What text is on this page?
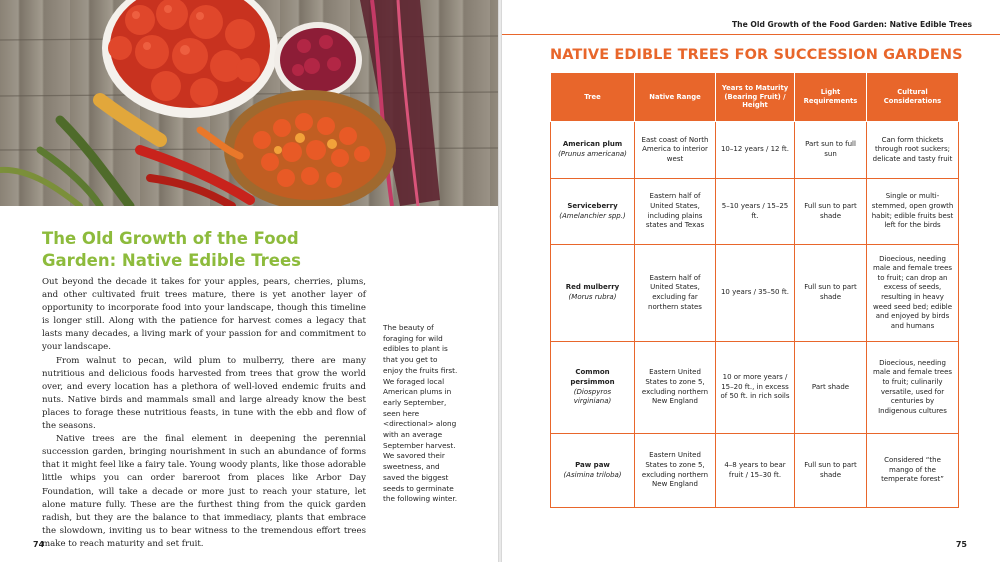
The Old Growth of the Food Garden: Native Edible Trees

Out beyond the decade it takes for your apples, pears, cherries, plums, and other cultivated fruit trees mature, there is yet another layer of opportunity to incorporate food into your landscape, though this timeline is longer still. Along with the patience for harvest comes a legacy that lasts many decades, a living mark of your passion for and commitment to your landscape.

From walnut to pecan, wild plum to mulberry, there are many nutritious and delicious foods harvested from trees that grow the world over, and every location has a plethora of well-loved endemic fruits and nuts. Native birds and mammals small and large already know the best places to forage these nutritious feasts, in tune with the ebb and flow of the seasons.

Native trees are the final element in deepening the perennial succession garden, bringing nourishment in such an abundance of forms that it might feel like a fairy tale. Young woody plants, like those adorable little whips you can order bareroot from places like Arbor Day Foundation, will take a decade or more just to reach your stature, let alone mature fully. These are the furthest thing from the quick garden radish, but they are the balance to that immediacy, plants that embrace the slowdown, inviting us to bear witness to the tremendous effort trees make to reach maturity and set fruit.

The beauty of foraging for wild edibles to plant is that you get to enjoy the fruits first. We foraged local American plums in early September, seen here <directional> along with an average September harvest. We savored their sweetness, and saved the biggest seeds to germinate the following winter.
74
The Old Growth of the Food Garden: Native Edible Trees
NATIVE EDIBLE TREES FOR SUCCESSION GARDENS
Tree	Native Range	Years to Maturity (Bearing Fruit) / Height	Light Requirements	Cultural Considerations

American plum
(Prunus americana)	East coast of North America to interior west	10–12 years / 12 ft.	Part sun to full sun	Can form thickets through root suckers; delicate and tasty fruit

Serviceberry
(Amelanchier spp.)	Eastern half of United States, including plains states and Texas	5–10 years / 15–25 ft.	Full sun to part shade	Single or multi-stemmed, open growth habit; edible fruits best left for the birds

Red mulberry
(Morus rubra)	Eastern half of United States, excluding far northern states	10 years / 35–50 ft.	Full sun to part shade	Dioecious, needing male and female trees to fruit; can drop an excess of seeds, resulting in heavy weed seed bed; edible and enjoyed by birds and humans

Common persimmon
(Diospyros virginiana)	Eastern United States to zone 5, excluding northern New England	10 or more years / 15–20 ft., in excess of 50 ft. in rich soils	Part shade	Dioecious, needing male and female trees to fruit; culinarily versatile, used for centuries by Indigenous cultures

Paw paw
(Asimina triloba)	Eastern United States to zone 5, excluding northern New England	4–8 years to bear fruit / 15–30 ft.	Full sun to part shade	Considered “the mango of the temperate forest”
75
